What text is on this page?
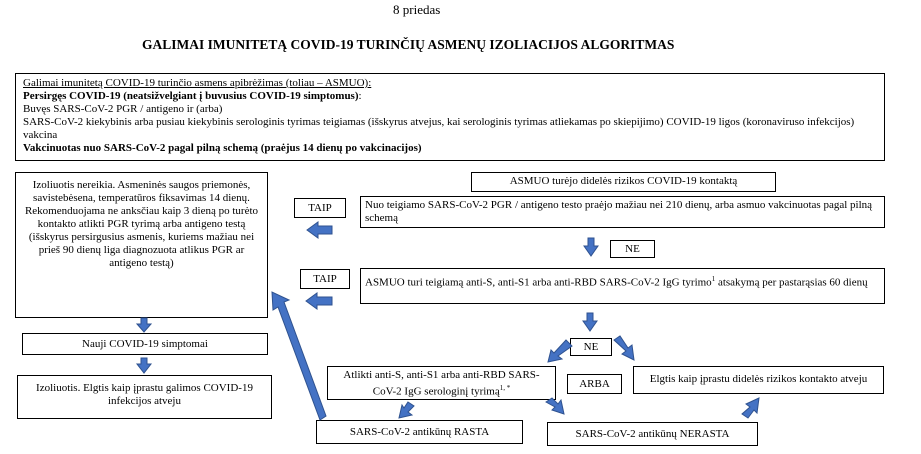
8 priedas
GALIMAI IMUNITETĄ COVID-19 TURINČIŲ ASMENŲ IZOLIACIJOS ALGORITMAS
Galimai imunitetą COVID-19 turinčio asmens apibrėžimas (toliau – ASMUO):
Persirgęs COVID-19 (neatsižvelgiant į buvusius COVID-19 simptomus):
Buvęs SARS-CoV-2 PGR / antigeno ir (arba)
SARS-CoV-2 kiekybinis arba pusiau kiekybinis serologinis tyrimas teigiamas (išskyrus atvejus, kai serologinis tyrimas atliekamas po skiepijimo) COVID-19 ligos (koronaviruso infekcijos) vakcina
Vakcinuotas nuo SARS-CoV-2 pagal pilną schemą (praėjus 14 dienų po vakcinacijos)
ASMUO turėjo didelės rizikos COVID-19 kontaktą
TAIP	Nuo teigiamo SARS-CoV-2 PGR / antigeno testo praėjo mažiau nei 210 dienų, arba asmuo vakcinuotas pagal pilną schemą
NE
TAIP	ASMUO turi teigiamą anti-S, anti-S1 arba anti-RBD SARS-CoV-2 IgG tyrimo$^1$ atsakymą per pastarąsias 60 dienų
NE
Izoliuotis nereikia. Asmeninės saugos priemonės, savistebėsena, temperatūros fiksavimas 14 dienų. Rekomenduojama ne anksčiau kaip 3 dieną po turėto kontakto atlikti PGR tyrimą arba antigeno testą (išskyrus persirgusius asmenis, kuriems mažiau nei prieš 90 dienų liga diagnozuota atlikus PGR ar antigeno testą)
Nauji COVID-19 simptomai
Izoliuotis. Elgtis kaip įprastu galimos COVID-19 infekcijos atveju
Atlikti anti-S, anti-S1 arba anti-RBD SARS-CoV-2 IgG serologinį tyrimą$^{1, *}$	ARBA	Elgtis kaip įprastu didelės rizikos kontakto atveju
SARS-CoV-2 antikūnų RASTA	SARS-CoV-2 antikūnų NERASTA
